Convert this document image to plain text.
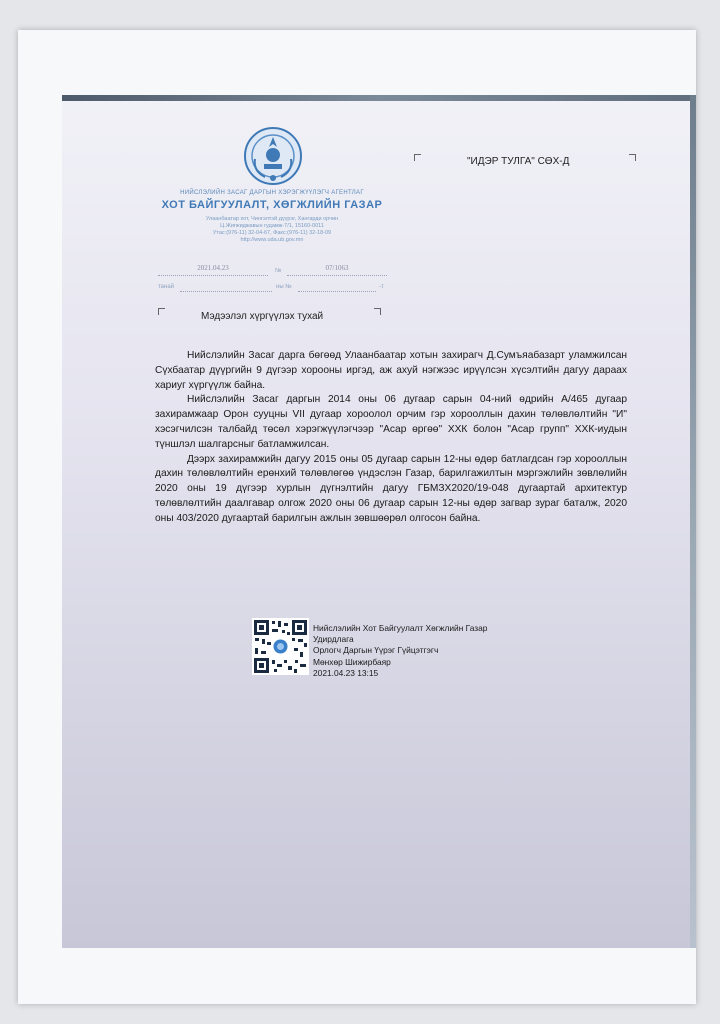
НИЙСЛЭЛИЙН ЗАСАГ ДАРГЫН ХЭРЭГЖҮҮЛЭГЧ АГЕНТЛАГ
ХОТ БАЙГУУЛАЛТ, ХӨГЖЛИЙН ГАЗАР
Улаанбаатар хот, Чингэлтэй дүүрэг, Хангарди орчин
Ц.Жигжиджавын гудамж-7/1, 15160-0011
Утас:(976-11) 32-04-67, Факс:(976-11) 32-18-09
http://www.uda.ub.gov.mn
2021.04.23	№	07/1063
танай	ны №	-т
"ИДЭР ТУЛГА" СӨХ-Д
Мэдээлэл хүргүүлэх тухай

Нийслэлийн Засаг дарга бөгөөд Улаанбаатар хотын захирагч Д.Сумъяабазарт уламжилсан Сүхбаатар дүүргийн 9 дүгээр хорооны иргэд, аж ахуй нэгжээс ирүүлсэн хүсэлтийн дагуу дараах хариуг хүргүүлж байна.

Нийслэлийн Засаг даргын 2014 оны 06 дугаар сарын 04-ний өдрийн А/465 дугаар захирамжаар Орон сууцны VII дугаар хороолол орчим гэр хорооллын дахин төлөвлөлтийн "И" хэсэгчилсэн талбайд төсөл хэрэгжүүлэгчээр "Асар өргөө" ХХК болон "Асар групп" ХХК-иудын түншлэл шалгарсныг батламжилсан.

Дээрх захирамжийн дагуу 2015 оны 05 дугаар сарын 12-ны өдөр батлагдсан гэр хорооллын дахин төлөвлөлтийн ерөнхий төлөвлөгөө үндэслэн Газар, барилгажилтын мэргэжлийн зөвлөлийн 2020 оны 19 дүгээр хурлын дүгнэлтийн дагуу ГБМЗХ2020/19-048 дугаартай архитектур төлөвлөлтийн даалгавар олгож 2020 оны 06 дугаар сарын 12-ны өдөр загвар зураг баталж, 2020 оны 403/2020 дугаартай барилгын ажлын зөвшөөрөл олгосон байна.

Нийслэлийн Хот Байгуулалт Хөгжлийн Газар
Удирдлага
Орлогч Даргын Үүрэг Гүйцэтгэгч
Мөнхөр Шижирбаяр
2021.04.23 13:15
